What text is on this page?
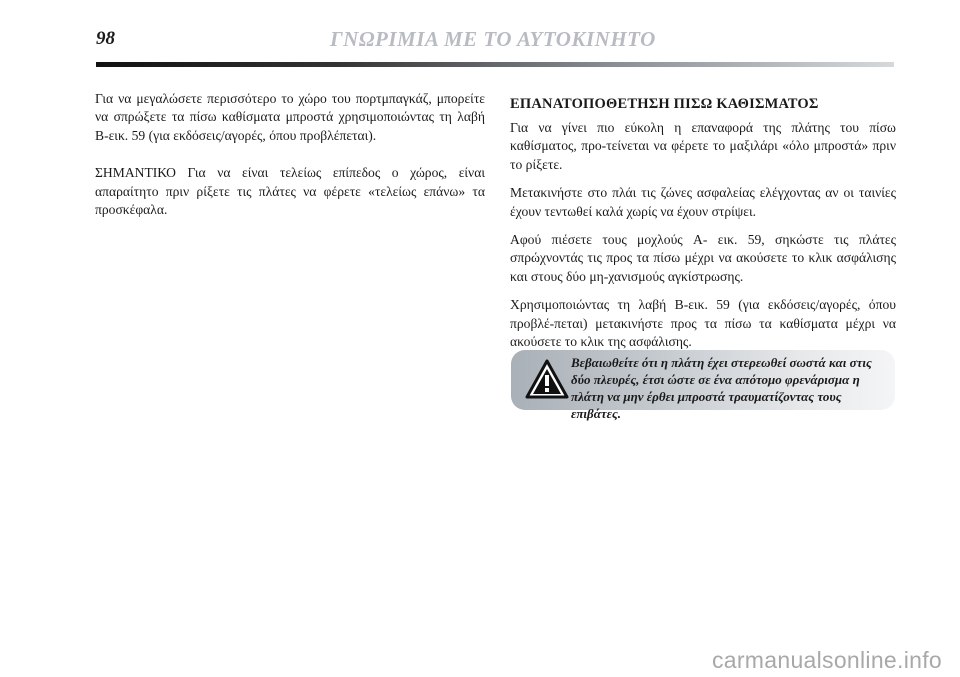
98	ΓΝΩΡΙΜΙΑ ΜΕ ΤΟ ΑΥΤΟΚΙΝΗΤΟ

Για να μεγαλώσετε περισσότερο το χώρο του πορτμπαγκάζ, μπορείτε να σπρώξετε τα πίσω καθίσματα μπροστά χρησιμοποιώντας τη λαβή B-εικ. 59 (για εκδόσεις/αγορές, όπου προβλέπεται).

ΣΗΜΑΝΤΙΚΟ Για να είναι τελείως επίπεδος ο χώρος, είναι απαραίτητο πριν ρίξετε τις πλάτες να φέρετε «τελείως επάνω» τα προσκέφαλα.

ΕΠΑΝΑΤΟΠΟΘΕΤΗΣΗ ΠΙΣΩ ΚΑΘΙΣΜΑΤΟΣ

Για να γίνει πιο εύκολη η επαναφορά της πλάτης του πίσω καθίσματος, προ-τείνεται να φέρετε το μαξιλάρι «όλο μπροστά» πριν το ρίξετε.

Μετακινήστε στο πλάι τις ζώνες ασφαλείας ελέγχοντας αν οι ταινίες έχουν τεντωθεί καλά χωρίς να έχουν στρίψει.

Αφού πιέσετε τους μοχλούς A- εικ. 59, σηκώστε τις πλάτες σπρώχνοντάς τις προς τα πίσω μέχρι να ακούσετε το κλικ ασφάλισης και στους δύο μη-χανισμούς αγκίστρωσης.

Χρησιμοποιώντας τη λαβή B-εικ. 59 (για εκδόσεις/αγορές, όπου προβλέ-πεται) μετακινήστε προς τα πίσω τα καθίσματα μέχρι να ακούσετε το κλικ της ασφάλισης.

Βεβαιωθείτε ότι η πλάτη έχει στερεωθεί σωστά και στις δύο πλευρές, έτσι ώστε σε ένα απότομο φρενάρισμα η πλάτη να μην έρθει μπροστά τραυματίζοντας τους επιβάτες.
carmanualsonline.info
